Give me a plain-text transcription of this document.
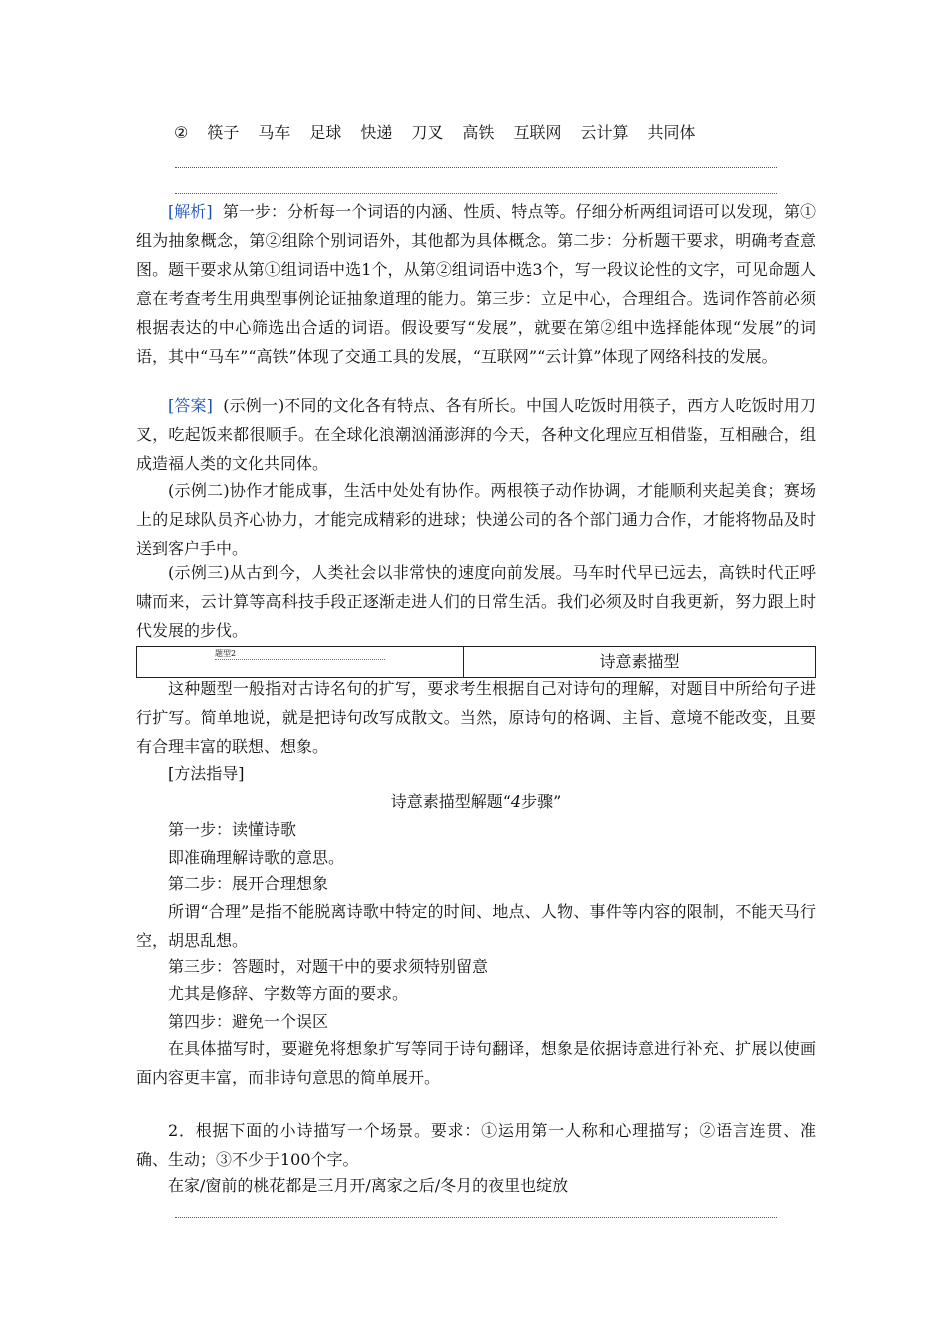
② 筷子 马车 足球 快递 刀叉 高铁 互联网 云计算 共同体

[解析] 第一步：分析每一个词语的内涵、性质、特点等。仔细分析两组词语可以发现，第①组为抽象概念，第②组除个别词语外，其他都为具体概念。第二步：分析题干要求，明确考查意图。题干要求从第①组词语中选1个，从第②组词语中选3个，写一段议论性的文字，可见命题人意在考查考生用典型事例论证抽象道理的能力。第三步：立足中心，合理组合。选词作答前必须根据表达的中心筛选出合适的词语。假设要写“发展”，就要在第②组中选择能体现“发展”的词语，其中“马车”“高铁”体现了交通工具的发展，“互联网”“云计算”体现了网络科技的发展。

[答案] (示例一)不同的文化各有特点、各有所长。中国人吃饭时用筷子，西方人吃饭时用刀叉，吃起饭来都很顺手。在全球化浪潮汹涌澎湃的今天，各种文化理应互相借鉴，互相融合，组成造福人类的文化共同体。

(示例二)协作才能成事，生活中处处有协作。两根筷子动作协调，才能顺利夹起美食；赛场上的足球队员齐心协力，才能完成精彩的进球；快递公司的各个部门通力合作，才能将物品及时送到客户手中。

(示例三)从古到今，人类社会以非常快的速度向前发展。马车时代早已远去，高铁时代正呼啸而来，云计算等高科技手段正逐渐走进人们的日常生活。我们必须及时自我更新，努力跟上时代发展的步伐。

题型2	诗意素描型

这种题型一般指对古诗名句的扩写，要求考生根据自己对诗句的理解，对题目中所给句子进行扩写。简单地说，就是把诗句改写成散文。当然，原诗句的格调、主旨、意境不能改变，且要有合理丰富的联想、想象。

[方法指导]

诗意素描型解题“4步骤”

第一步：读懂诗歌

即准确理解诗歌的意思。

第二步：展开合理想象

所谓“合理”是指不能脱离诗歌中特定的时间、地点、人物、事件等内容的限制，不能天马行空，胡思乱想。

第三步：答题时，对题干中的要求须特别留意

尤其是修辞、字数等方面的要求。

第四步：避免一个误区

在具体描写时，要避免将想象扩写等同于诗句翻译，想象是依据诗意进行补充、扩展以使画面内容更丰富，而非诗句意思的简单展开。

2．根据下面的小诗描写一个场景。要求：①运用第一人称和心理描写；②语言连贯、准确、生动；③不少于100个字。

在家/窗前的桃花都是三月开/离家之后/冬月的夜里也绽放
